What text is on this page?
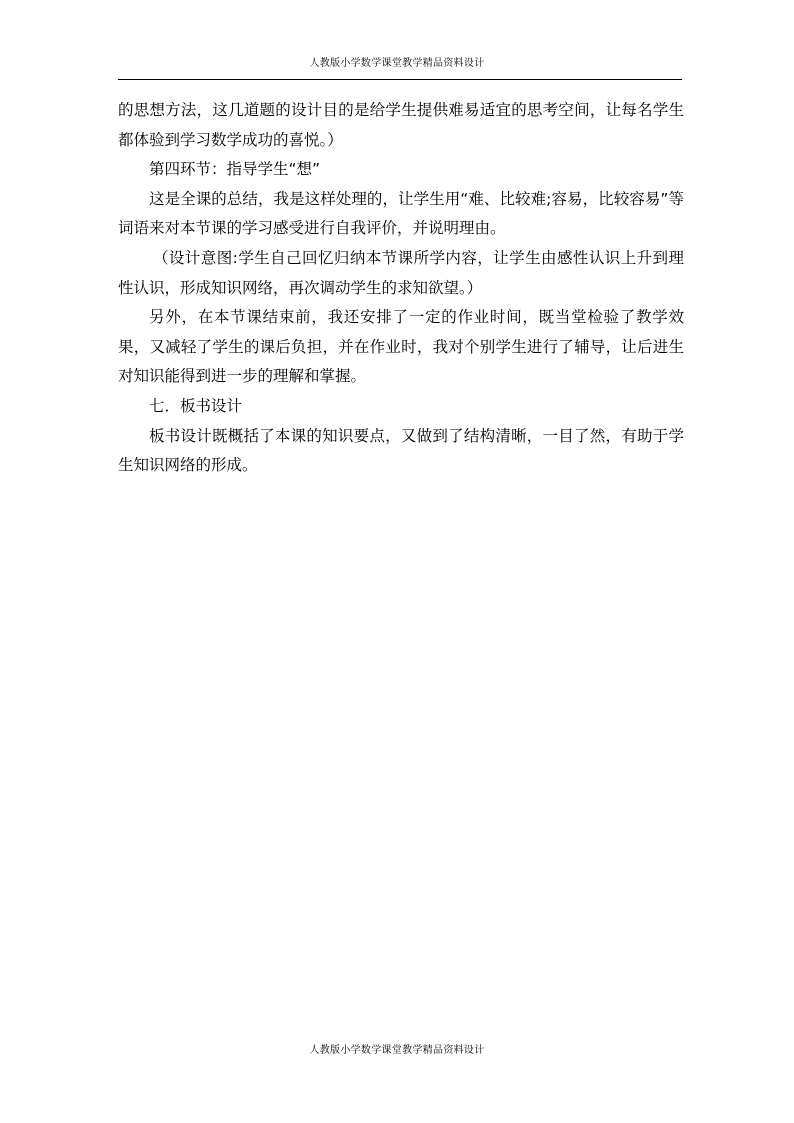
人教版小学数学课堂教学精品资料设计

的思想方法，这几道题的设计目的是给学生提供难易适宜的思考空间，让每名学生都体验到学习数学成功的喜悦。）

第四环节：指导学生“想”

这是全课的总结，我是这样处理的，让学生用“难、比较难;容易，比较容易”等词语来对本节课的学习感受进行自我评价，并说明理由。

（设计意图:学生自己回忆归纳本节课所学内容，让学生由感性认识上升到理性认识，形成知识网络，再次调动学生的求知欲望。）

另外，在本节课结束前，我还安排了一定的作业时间，既当堂检验了教学效果，又减轻了学生的课后负担，并在作业时，我对个别学生进行了辅导，让后进生对知识能得到进一步的理解和掌握。

七．板书设计

板书设计既概括了本课的知识要点，又做到了结构清晰，一目了然，有助于学生知识网络的形成。

人教版小学数学课堂教学精品资料设计
